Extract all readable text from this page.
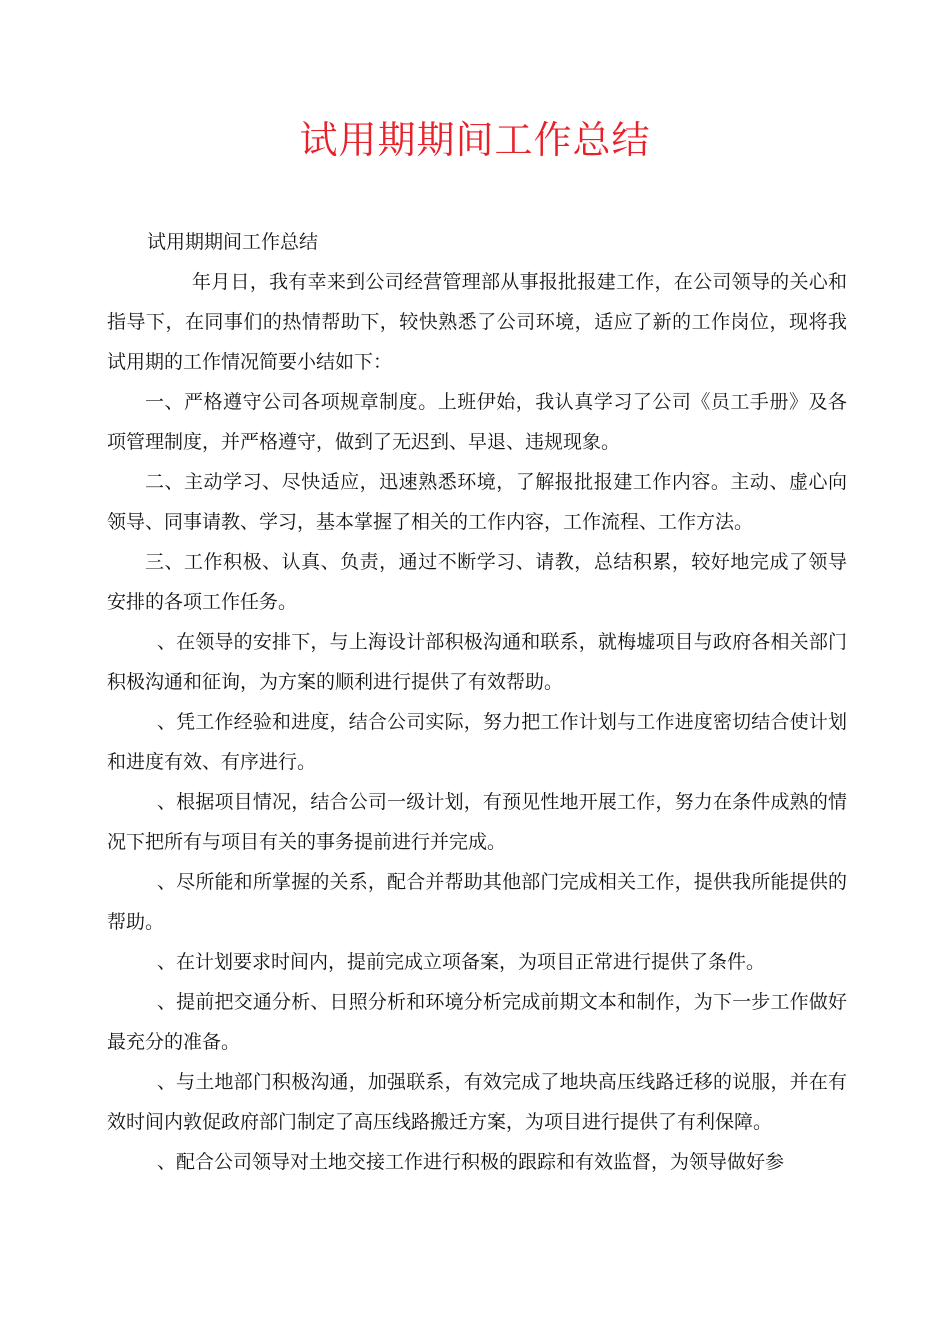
试用期期间工作总结

试用期期间工作总结

年月日，我有幸来到公司经营管理部从事报批报建工作，在公司领导的关心和指导下，在同事们的热情帮助下，较快熟悉了公司环境，适应了新的工作岗位，现将我试用期的工作情况简要小结如下：

一、严格遵守公司各项规章制度。上班伊始，我认真学习了公司《员工手册》及各项管理制度，并严格遵守，做到了无迟到、早退、违规现象。

二、主动学习、尽快适应，迅速熟悉环境，了解报批报建工作内容。主动、虚心向领导、同事请教、学习，基本掌握了相关的工作内容，工作流程、工作方法。

三、工作积极、认真、负责，通过不断学习、请教，总结积累，较好地完成了领导安排的各项工作任务。

、在领导的安排下，与上海设计部积极沟通和联系，就梅墟项目与政府各相关部门积极沟通和征询，为方案的顺利进行提供了有效帮助。

、凭工作经验和进度，结合公司实际，努力把工作计划与工作进度密切结合使计划和进度有效、有序进行。

、根据项目情况，结合公司一级计划，有预见性地开展工作，努力在条件成熟的情况下把所有与项目有关的事务提前进行并完成。

、尽所能和所掌握的关系，配合并帮助其他部门完成相关工作，提供我所能提供的帮助。

、在计划要求时间内，提前完成立项备案，为项目正常进行提供了条件。

、提前把交通分析、日照分析和环境分析完成前期文本和制作，为下一步工作做好最充分的准备。

、与土地部门积极沟通，加强联系，有效完成了地块高压线路迁移的说服，并在有效时间内敦促政府部门制定了高压线路搬迁方案，为项目进行提供了有利保障。

、配合公司领导对土地交接工作进行积极的跟踪和有效监督，为领导做好参
